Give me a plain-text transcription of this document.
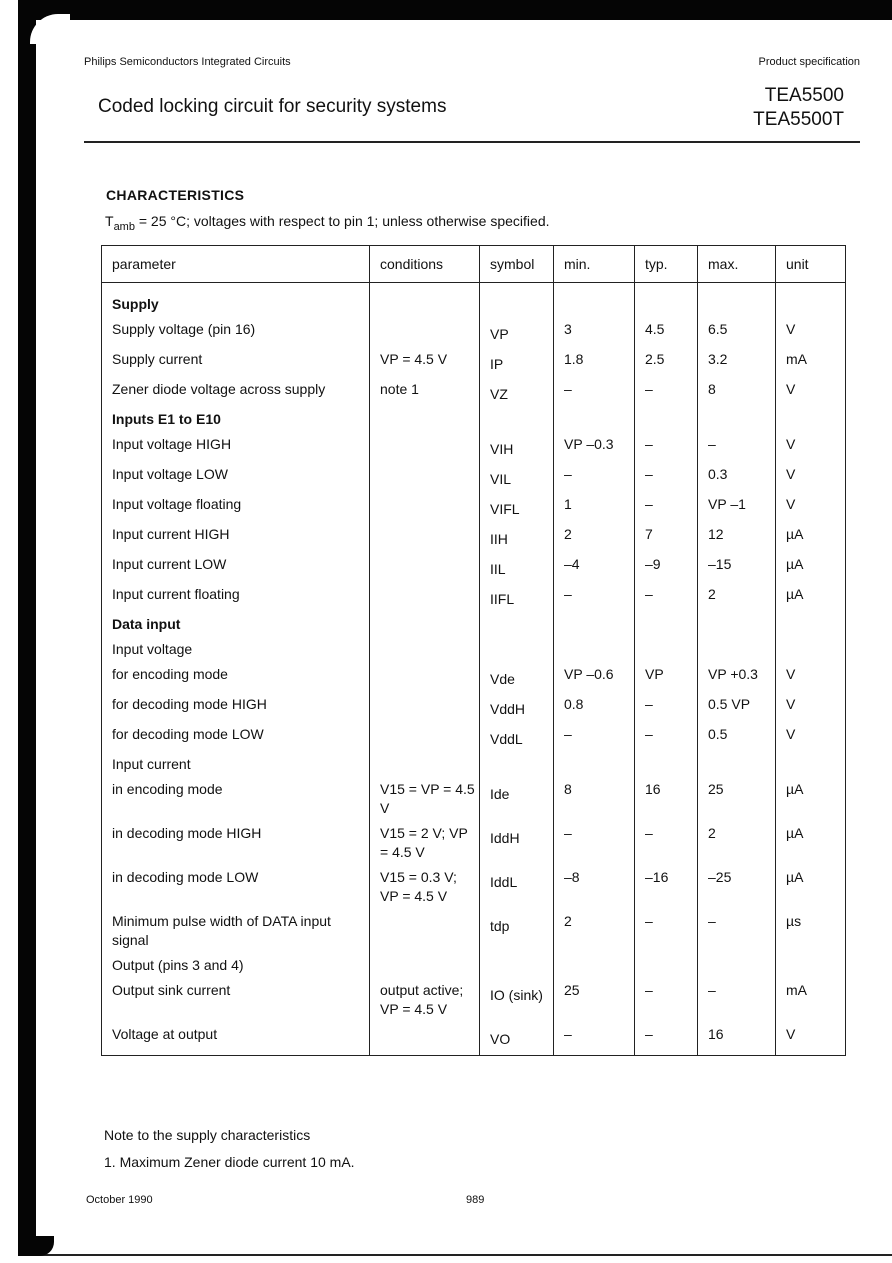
Philips Semiconductors Integrated Circuits	Product specification
Coded locking circuit for security systems
TEA5500
TEA5500T
CHARACTERISTICS
$T_{amb} = 25$ °C; voltages with respect to pin 1; unless otherwise specified.
parameter	conditions	symbol	min.	typ.	max.	unit
Supply						
Supply voltage (pin 16)		VP	3	4.5	6.5	V
Supply current	VP = 4.5 V	IP	1.8	2.5	3.2	mA
Zener diode voltage across supply	note 1	VZ	–	–	8	V
Inputs E1 to E10						
Input voltage HIGH		VIH	VP –0.3	–	–	V
Input voltage LOW		VIL	–	–	0.3	V
Input voltage floating		VIFL	1	–	VP –1	V
Input current HIGH		IIH	2	7	12	µA
Input current LOW		IIL	–4	–9	–15	µA
Input current floating		IIFL	–	–	2	µA
Data input						
Input voltage						
for encoding mode		Vde	VP –0.6	VP	VP +0.3	V
for decoding mode HIGH		VddH	0.8	–	0.5 VP	V
for decoding mode LOW		VddL	–	–	0.5	V
Input current						
in encoding mode	V15 = VP = 4.5 V	Ide	8	16	25	µA
in decoding mode HIGH	V15 = 2 V; VP = 4.5 V	IddH	–	–	2	µA
in decoding mode LOW	V15 = 0.3 V; VP = 4.5 V	IddL	–8	–16	–25	µA
Minimum pulse width of DATA input signal		tdp	2	–	–	µs
Output (pins 3 and 4)						
Output sink current	output active; VP = 4.5 V	IO (sink)	25	–	–	mA
Voltage at output		VO	–	–	16	V
Note to the supply characteristics
1. Maximum Zener diode current 10 mA.
October 1990	989
